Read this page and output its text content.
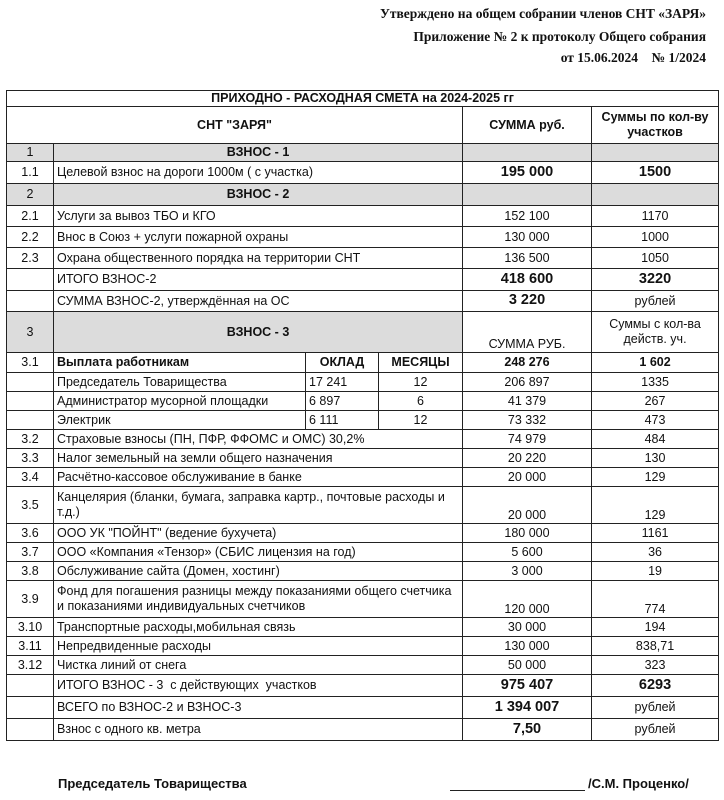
Утверждено на общем собрании членов СНТ «ЗАРЯ»
Приложение № 2 к протоколу Общего собрания
от 15.06.2024    № 1/2024
ПРИХОДНО - РАСХОДНАЯ СМЕТА на 2024-2025 гг					
СНТ "ЗАРЯ"				СУММА руб.	Суммы по кол-ву участков
1	ВЗНОС - 1				
1.1	Целевой взнос на дороги 1000м ( с участка)			195 000	1500
2	ВЗНОС - 2				
2.1	Услуги за вывоз ТБО и КГО			152 100	1170
2.2	Внос в Союз + услуги пожарной охраны			130 000	1000
2.3	Охрана общественного порядка на территории СНТ			136 500	1050
	ИТОГО ВЗНОС-2			418 600	3220
	СУММА ВЗНОС-2, утверждённая на ОС			3 220	рублей
3	ВЗНОС - 3			СУММА РУБ.	Суммы с кол-ва действ. уч.
3.1	Выплата работникам	ОКЛАД	МЕСЯЦЫ	248 276	1 602
	Председатель Товарищества	17 241	12	206 897	1335
	Администратор мусорной площадки	6 897	6	41 379	267
	Электрик	6 111	12	73 332	473
3.2	Страховые взносы (ПН, ПФР, ФФОМС и ОМС) 30,2%			74 979	484
3.3	Налог земельный на земли общего назначения			20 220	130
3.4	Расчётно-кассовое обслуживание в банке			20 000	129
3.5	Канцелярия (бланки, бумага, заправка картр., почтовые расходы и т.д.)			20 000	129
3.6	ООО УК "ПОЙНТ" (ведение бухучета)			180 000	1161
3.7	ООО «Компания «Тензор» (СБИС лицензия на год)			5 600	36
3.8	Обслуживание сайта (Домен, хостинг)			3 000	19
3.9	Фонд для погашения разницы между показаниями общего счетчика и показаниями индивидуальных счетчиков			120 000	774
3.10	Транспортные расходы,мобильная связь			30 000	194
3.11	Непредвиденные расходы			130 000	838,71
3.12	Чистка линий от снега			50 000	323
	ИТОГО ВЗНОС - 3  с действующих  участков			975 407	6293
	ВСЕГО по ВЗНОС-2 и ВЗНОС-3			1 394 007	рублей
	Взнос с одного кв. метра			7,50	рублей
Председатель Товарищества	/С.М. Проценко/
